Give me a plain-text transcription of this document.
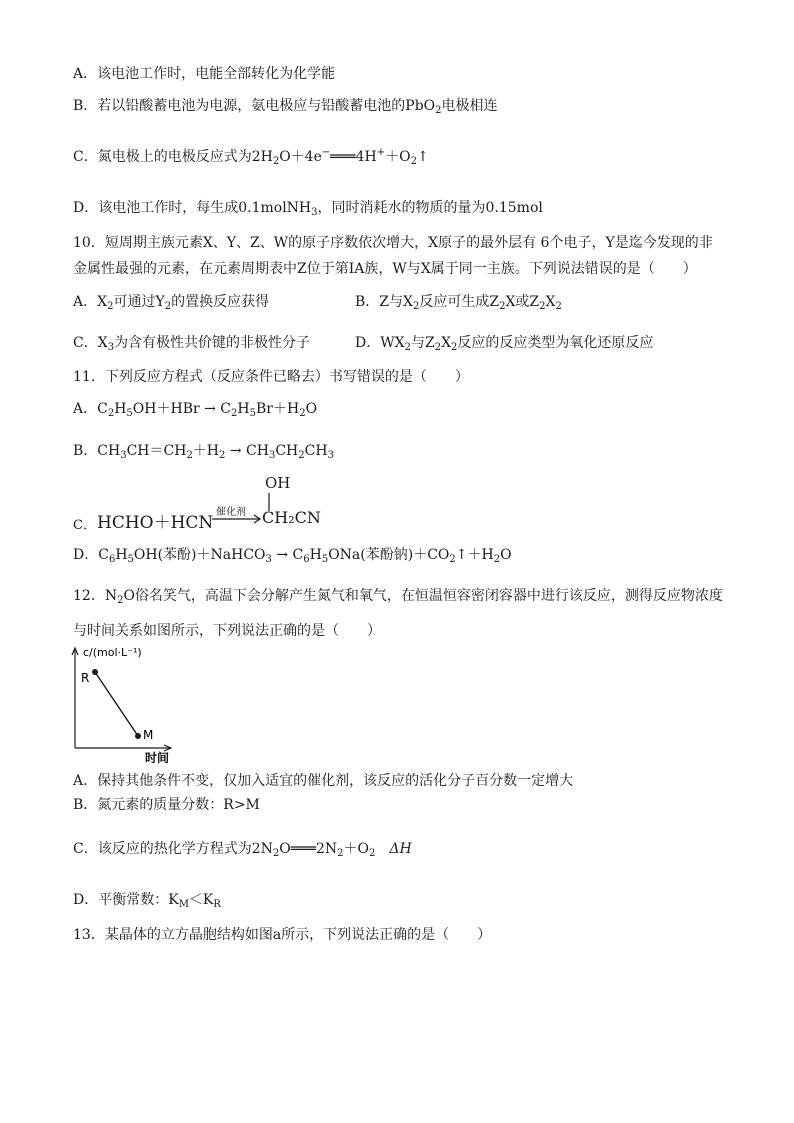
A．该电池工作时，电能全部转化为化学能
B．若以铅酸蓄电池为电源，氨电极应与铅酸蓄电池的PbO$_2$电极相连
C．氮电极上的电极反应式为$2H_2O+4e^-═══4H^++O_2↑$
D．该电池工作时，每生成0.1molNH$_3$，同时消耗水的物质的量为0.15mol
10．短周期主族元素X、Y、Z、W的原子序数依次增大，X原子的最外层有 6个电子，Y是迄今发现的非
金属性最强的元素，在元素周期表中Z位于第ⅠA族，W与X属于同一主族。下列说法错误的是（　　）
A．$X_2$可通过$Y_2$的置换反应获得	B．Z与$X_2$反应可生成$Z_2X$或$Z_2X_2$
C．$X_3$为含有极性共价键的非极性分子	D．$WX_2$与$Z_2X_2$反应的反应类型为氧化还原反应
11．下列反应方程式（反应条件已略去）书写错误的是（　　）
A．$C_2H_5OH+HBr \to C_2H_5Br+H_2O$
B．$CH_3CH=CH_2+H_2 \to CH_3CH_2CH_3$
C． HCHO＋HCN
催化剂
OH
CH₂CN
D．$C_6H_5OH$(苯酚)＋NaHCO$_3$ → $C_6H_5ONa$(苯酚钠)$+CO_2↑+H_2O$
12．$N_2O$俗名笑气，高温下会分解产生氮气和氧气，在恒温恒容密闭容器中进行该反应，测得反应物浓度
与时间关系如图所示，下列说法正确的是（　　）
c/(mol·L⁻¹)
R
M
时间
A．保持其他条件不变，仅加入适宜的催化剂，该反应的活化分子百分数一定增大
B．氮元素的质量分数：R>M
C．该反应的热化学方程式为$2N_2O═══2N_2+O_2$　ΔH
D．平衡常数：$K_M<K_R$
13．某晶体的立方晶胞结构如图a所示，下列说法正确的是（　　）
